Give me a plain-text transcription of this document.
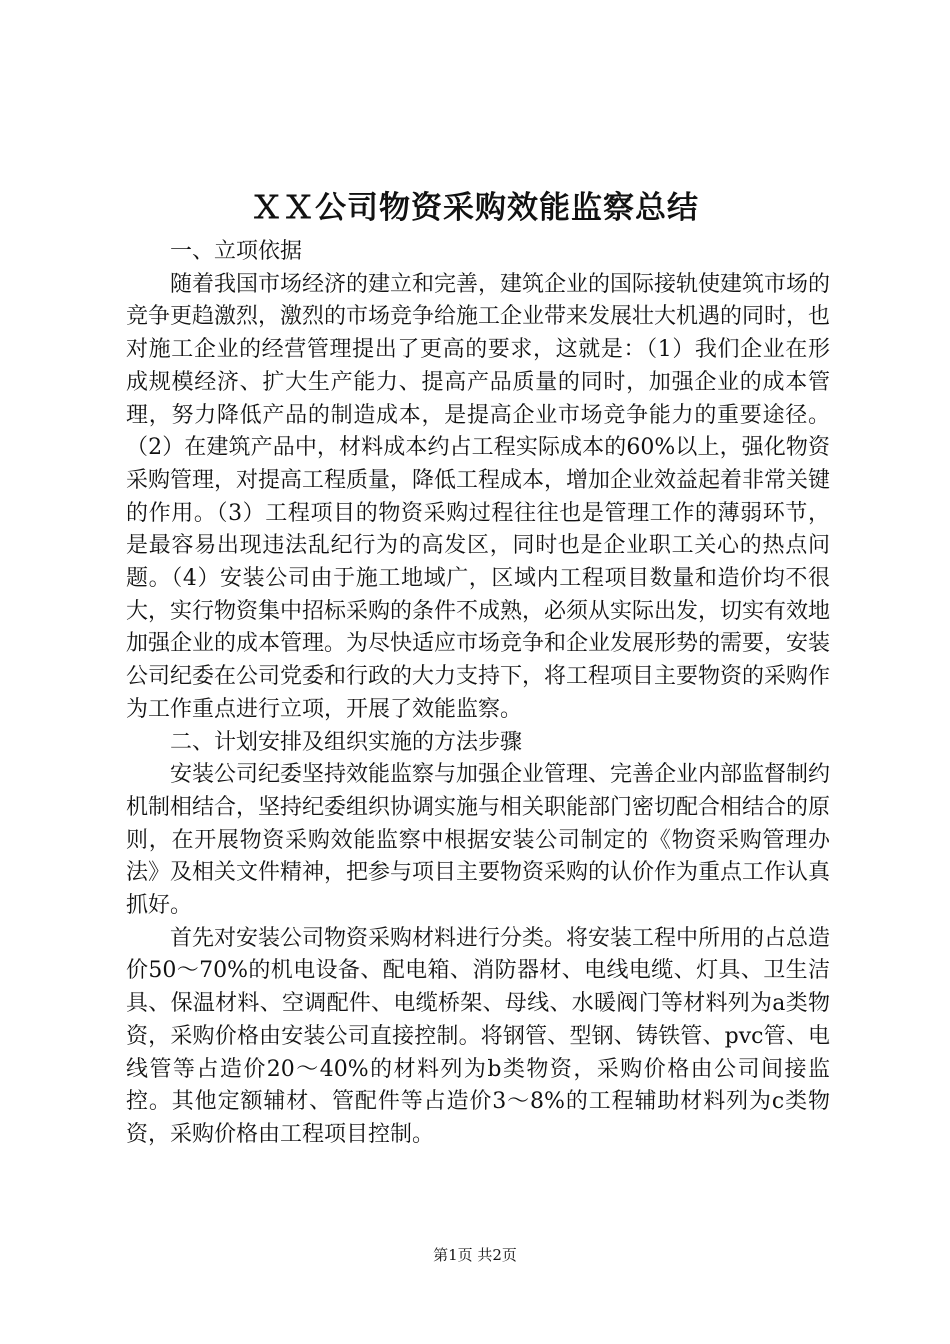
ＸＸ公司物资采购效能监察总结

一、立项依据

随着我国市场经济的建立和完善，建筑企业的国际接轨使建筑市场的竞争更趋激烈，激烈的市场竞争给施工企业带来发展壮大机遇的同时，也对施工企业的经营管理提出了更高的要求，这就是：（1）我们企业在形成规模经济、扩大生产能力、提高产品质量的同时，加强企业的成本管理，努力降低产品的制造成本，是提高企业市场竞争能力的重要途径。（2）在建筑产品中，材料成本约占工程实际成本的60%以上，强化物资采购管理，对提高工程质量，降低工程成本，增加企业效益起着非常关键的作用。（3）工程项目的物资采购过程往往也是管理工作的薄弱环节，是最容易出现违法乱纪行为的高发区，同时也是企业职工关心的热点问题。（4）安装公司由于施工地域广，区域内工程项目数量和造价均不很大，实行物资集中招标采购的条件不成熟，必须从实际出发，切实有效地加强企业的成本管理。为尽快适应市场竞争和企业发展形势的需要，安装公司纪委在公司党委和行政的大力支持下，将工程项目主要物资的采购作为工作重点进行立项，开展了效能监察。

二、计划安排及组织实施的方法步骤

安装公司纪委坚持效能监察与加强企业管理、完善企业内部监督制约机制相结合，坚持纪委组织协调实施与相关职能部门密切配合相结合的原则，在开展物资采购效能监察中根据安装公司制定的《物资采购管理办法》及相关文件精神，把参与项目主要物资采购的认价作为重点工作认真抓好。

首先对安装公司物资采购材料进行分类。将安装工程中所用的占总造价50～70%的机电设备、配电箱、消防器材、电线电缆、灯具、卫生洁具、保温材料、空调配件、电缆桥架、母线、水暖阀门等材料列为a类物资，采购价格由安装公司直接控制。将钢管、型钢、铸铁管、pvc管、电线管等占造价20～40%的材料列为b类物资，采购价格由公司间接监控。其他定额辅材、管配件等占造价3～8%的工程辅助材料列为c类物资，采购价格由工程项目控制。

第1页 共2页
